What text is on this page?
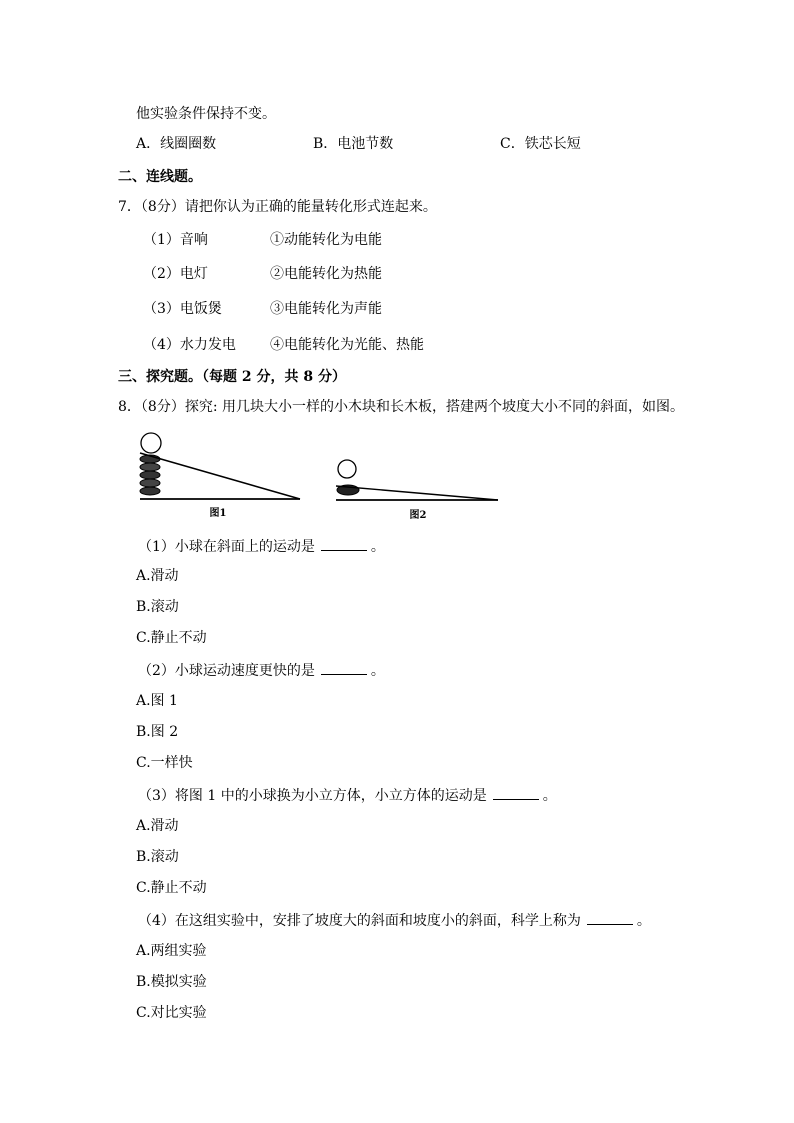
他实验条件保持不变。
A．线圈圈数	B．电池节数	C．铁芯长短
二、连线题。
7．（8分）请把你认为正确的能量转化形式连起来。
（1）音响	①动能转化为电能
（2）电灯	②电能转化为热能
（3）电饭煲	③电能转化为声能
（4）水力发电 ④电能转化为光能、热能
三、探究题。（每题 2 分，共 8 分）
8．（8分）探究: 用几块大小一样的小木块和长木板，搭建两个坡度大小不同的斜面，如图。
图1	图2
（1）小球在斜面上的运动是	。
A.滑动
B.滚动
C.静止不动
（2）小球运动速度更快的是	。
A.图 1
B.图 2
C.一样快
（3）将图 1 中的小球换为小立方体，小立方体的运动是	。
A.滑动
B.滚动
C.静止不动
（4）在这组实验中，安排了坡度大的斜面和坡度小的斜面，科学上称为	。
A.两组实验
B.模拟实验
C.对比实验
